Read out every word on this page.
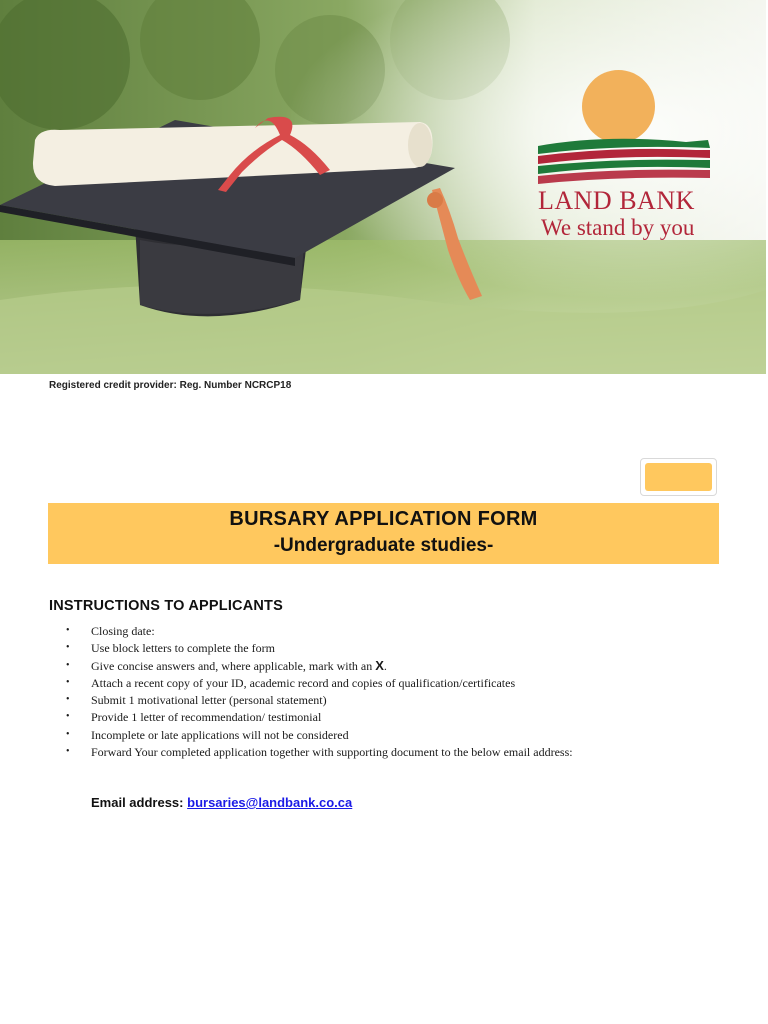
LAND BANK
We stand by you
Registered credit provider: Reg. Number NCRCP18
BURSARY APPLICATION FORM
-Undergraduate studies-
INSTRUCTIONS TO APPLICANTS
• Closing date:
• Use block letters to complete the form
• Give concise answers and, where applicable, mark with an X.
• Attach a recent copy of your ID, academic record and copies of qualification/certificates
• Submit 1 motivational letter (personal statement)
• Provide 1 letter of recommendation/ testimonial
• Incomplete or late applications will not be considered
• Forward Your completed application together with supporting document to the below email address:
Email address: bursaries@landbank.co.ca
